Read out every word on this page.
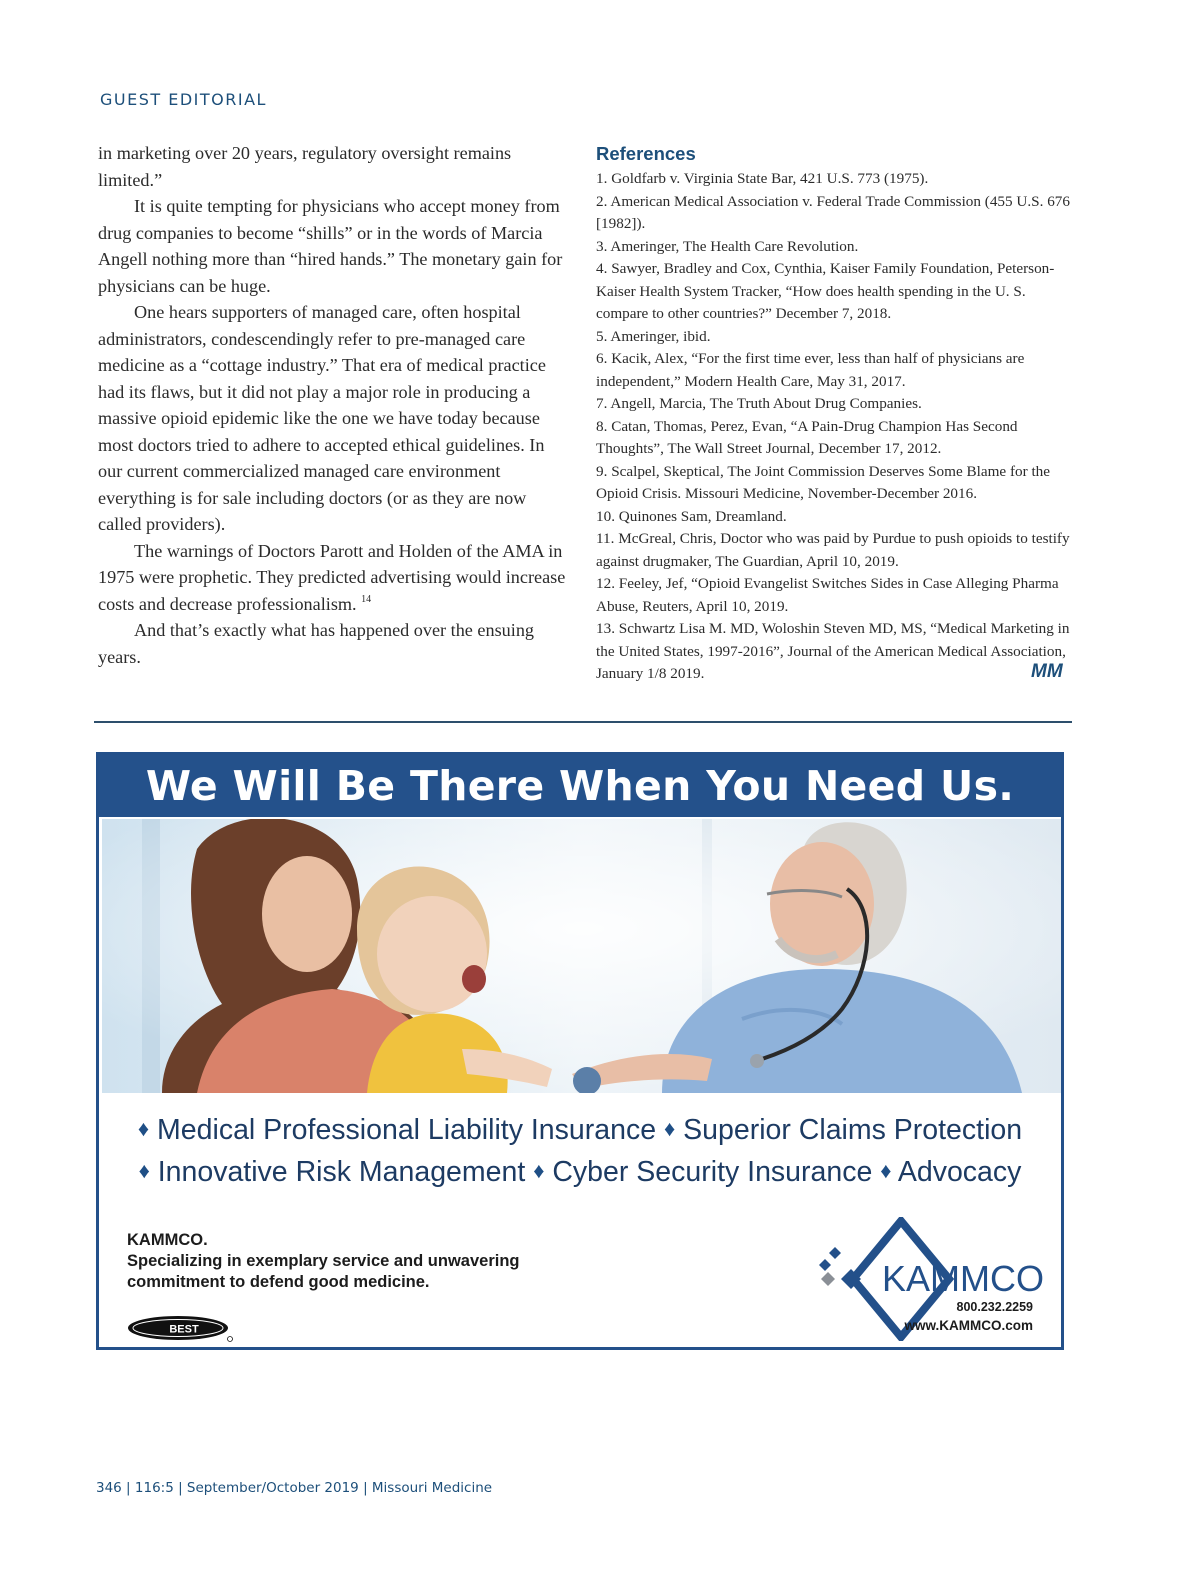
GUEST EDITORIAL

in marketing over 20 years, regulatory oversight remains limited.”

It is quite tempting for physicians who accept money from drug companies to become “shills” or in the words of Marcia Angell nothing more than “hired hands.” The monetary gain for physicians can be huge.

One hears supporters of managed care, often hospital administrators, condescendingly refer to pre-managed care medicine as a “cottage industry.” That era of medical practice had its flaws, but it did not play a major role in producing a massive opioid epidemic like the one we have today because most doctors tried to adhere to accepted ethical guidelines. In our current commercialized managed care environment everything is for sale including doctors (or as they are now called providers).

The warnings of Doctors Parott and Holden of the AMA in 1975 were prophetic. They predicted advertising would increase costs and decrease professionalism. $^{14}$

And that’s exactly what has happened over the ensuing years.

References
1. Goldfarb v. Virginia State Bar, 421 U.S. 773 (1975).
2. American Medical Association v. Federal Trade Commission (455 U.S. 676 [1982]).
3. Ameringer, The Health Care Revolution.
4. Sawyer, Bradley and Cox, Cynthia, Kaiser Family Foundation, Peterson-Kaiser Health System Tracker, “How does health spending in the U. S. compare to other countries?” December 7, 2018.
5. Ameringer, ibid.
6. Kacik, Alex, “For the first time ever, less than half of physicians are independent,” Modern Health Care, May 31, 2017.
7. Angell, Marcia, The Truth About Drug Companies.
8. Catan, Thomas, Perez, Evan, “A Pain-Drug Champion Has Second Thoughts”, The Wall Street Journal, December 17, 2012.
9. Scalpel, Skeptical, The Joint Commission Deserves Some Blame for the Opioid Crisis. Missouri Medicine, November-December 2016.
10. Quinones Sam, Dreamland.
11. McGreal, Chris, Doctor who was paid by Purdue to push opioids to testify against drugmaker, The Guardian, April 10, 2019.
12. Feeley, Jef, “Opioid Evangelist Switches Sides in Case Alleging Pharma Abuse, Reuters, April 10, 2019.
13. Schwartz Lisa M. MD, Woloshin Steven MD, MS, “Medical Marketing in the United States, 1997-2016”, Journal of the American Medical Association, January 1/8 2019.	MM
We Will Be There When You Need Us.
♦ Medical Professional Liability Insurance ♦ Superior Claims Protection
♦ Innovative Risk Management ♦ Cyber Security Insurance ♦ Advocacy
KAMMCO.
Specializing in exemplary service and unwavering
commitment to defend good medicine.
BEST
KAMMCO
800.232.2259
www.KAMMCO.com
346 | 116:5 | September/October 2019 | Missouri Medicine
